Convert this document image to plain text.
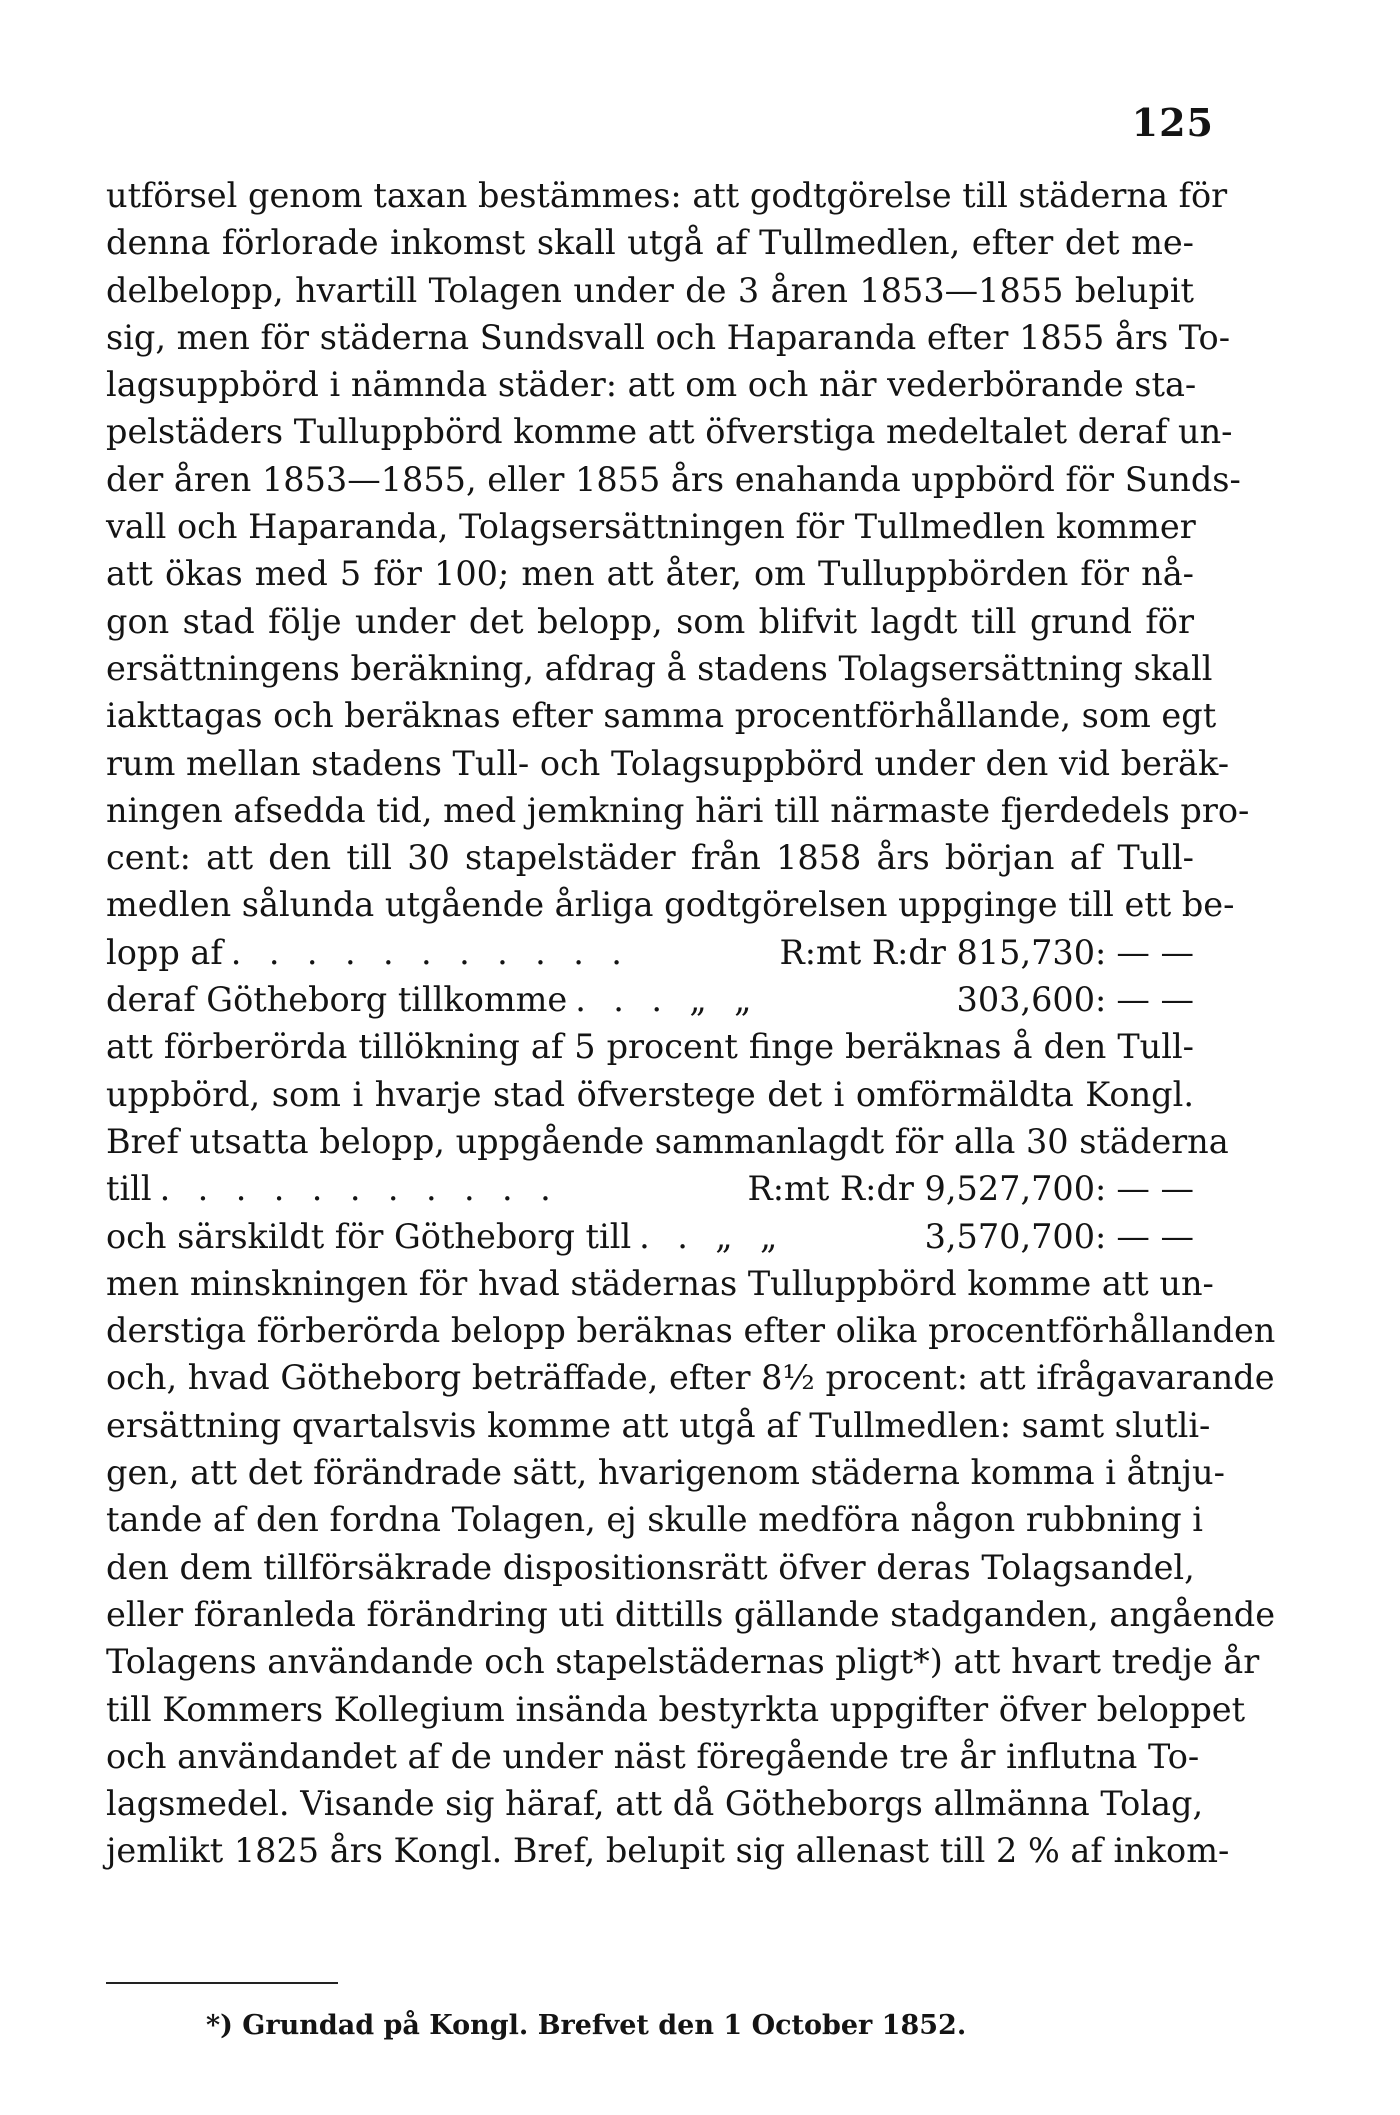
125
utförsel genom taxan bestämmes: att godtgörelse till städerna för
denna förlorade inkomst skall utgå af Tullmedlen, efter det me-
delbelopp, hvartill Tolagen under de 3 åren 1853—1855 belupit
sig, men för städerna Sundsvall och Haparanda efter 1855 års To-
lagsuppbörd i nämnda städer: att om och när vederbörande sta-
pelstäders Tulluppbörd komme att öfverstiga medeltalet deraf un-
der åren 1853—1855, eller 1855 års enahanda uppbörd för Sunds-
vall och Haparanda, Tolagsersättningen för Tullmedlen kommer
att ökas med 5 för 100; men att åter, om Tulluppbörden för nå-
gon stad följe under det belopp, som blifvit lagdt till grund för
ersättningens beräkning, afdrag å stadens Tolagsersättning skall
iakttagas och beräknas efter samma procentförhållande, som egt
rum mellan stadens Tull- och Tolagsuppbörd under den vid beräk-
ningen afsedda tid, med jemkning häri till närmaste fjerdedels pro-
cent: att den till 30 stapelstäder från 1858 års början af Tull-
medlen sålunda utgående årliga godtgörelsen uppginge till ett be-
lopp af . . . . . . . . . . .	R:mt R:dr 815,730: — —
deraf Götheborg tillkomme . . . „ „	303,600: — —
att förberörda tillökning af 5 procent finge beräknas å den Tull-
uppbörd, som i hvarje stad öfverstege det i omförmäldta Kongl.
Bref utsatta belopp, uppgående sammanlagdt för alla 30 städerna
till . . . . . . . . . . .	R:mt R:dr 9,527,700: — —
och särskildt för Götheborg till . . „ „	3,570,700: — —
men minskningen för hvad städernas Tulluppbörd komme att un-
derstiga förberörda belopp beräknas efter olika procentförhållanden
och, hvad Götheborg beträffade, efter 8½ procent: att ifrågavarande
ersättning qvartalsvis komme att utgå af Tullmedlen: samt slutli-
gen, att det förändrade sätt, hvarigenom städerna komma i åtnju-
tande af den fordna Tolagen, ej skulle medföra någon rubbning i
den dem tillförsäkrade dispositionsrätt öfver deras Tolagsandel,
eller föranleda förändring uti dittills gällande stadganden, angående
Tolagens användande och stapelstädernas pligt*) att hvart tredje år
till Kommers Kollegium insända bestyrkta uppgifter öfver beloppet
och användandet af de under näst föregående tre år influtna To-
lagsmedel. Visande sig häraf, att då Götheborgs allmänna Tolag,
jemlikt 1825 års Kongl. Bref, belupit sig allenast till 2 % af inkom-
*) Grundad på Kongl. Brefvet den 1 October 1852.
